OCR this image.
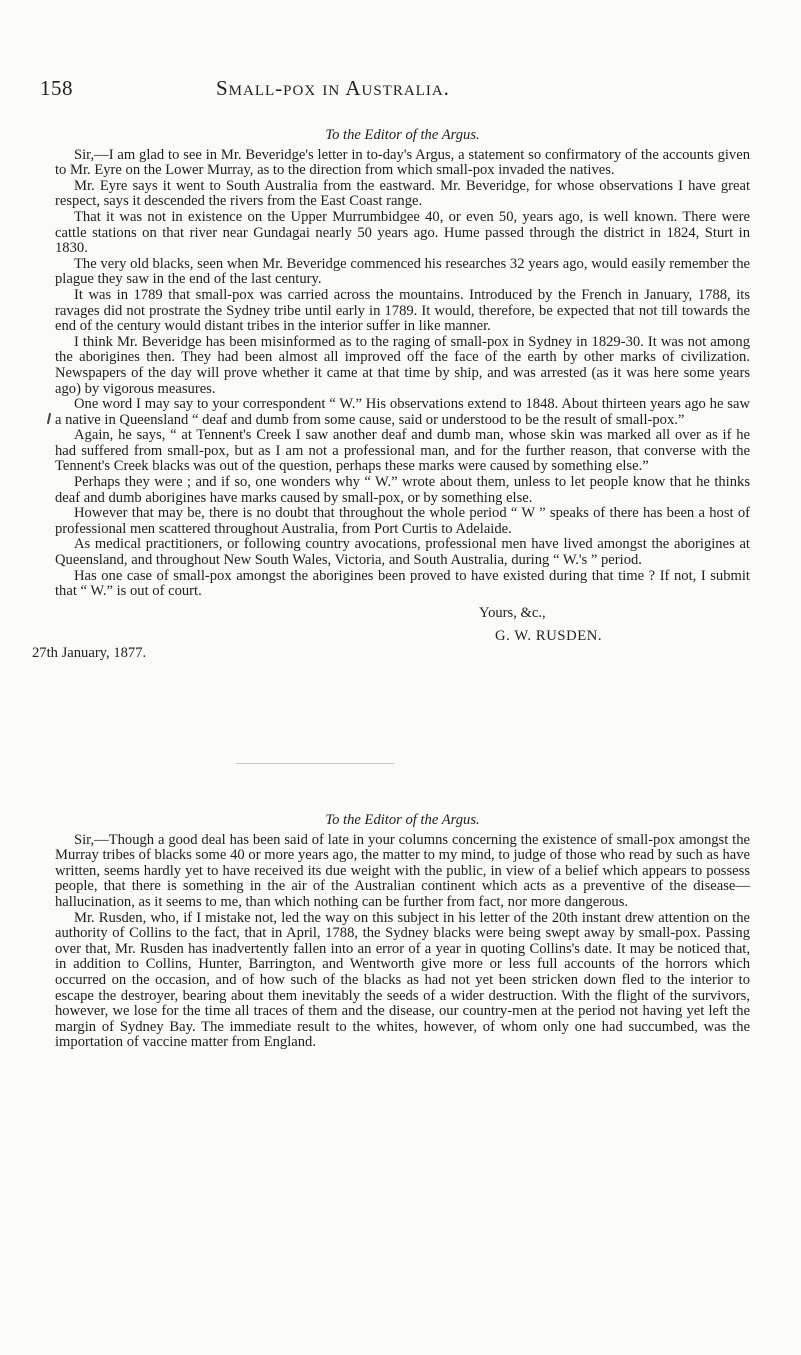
158	Small-pox in Australia.

To the Editor of the Argus.

Sir,—I am glad to see in Mr. Beveridge's letter in to-day's Argus, a statement so confirmatory of the accounts given to Mr. Eyre on the Lower Murray, as to the direction from which small-pox invaded the natives.

Mr. Eyre says it went to South Australia from the eastward. Mr. Beveridge, for whose observations I have great respect, says it descended the rivers from the East Coast range.

That it was not in existence on the Upper Murrumbidgee 40, or even 50, years ago, is well known. There were cattle stations on that river near Gundagai nearly 50 years ago. Hume passed through the district in 1824, Sturt in 1830.

The very old blacks, seen when Mr. Beveridge commenced his researches 32 years ago, would easily remember the plague they saw in the end of the last century.

It was in 1789 that small-pox was carried across the mountains. Introduced by the French in January, 1788, its ravages did not prostrate the Sydney tribe until early in 1789. It would, therefore, be expected that not till towards the end of the century would distant tribes in the interior suffer in like manner.

I think Mr. Beveridge has been misinformed as to the raging of small-pox in Sydney in 1829-30. It was not among the aborigines then. They had been almost all improved off the face of the earth by other marks of civilization. Newspapers of the day will prove whether it came at that time by ship, and was arrested (as it was here some years ago) by vigorous measures.

One word I may say to your correspondent “ W.” His observations extend to 1848. About thirteen years ago he saw a native in Queensland “ deaf and dumb from some cause, said or understood to be the result of small-pox.”

Again, he says, “ at Tennent's Creek I saw another deaf and dumb man, whose skin was marked all over as if he had suffered from small-pox, but as I am not a professional man, and for the further reason, that converse with the Tennent's Creek blacks was out of the question, perhaps these marks were caused by something else.”

Perhaps they were ; and if so, one wonders why “ W.” wrote about them, unless to let people know that he thinks deaf and dumb aborigines have marks caused by small-pox, or by something else.

However that may be, there is no doubt that throughout the whole period “ W ” speaks of there has been a host of professional men scattered throughout Australia, from Port Curtis to Adelaide.

As medical practitioners, or following country avocations, professional men have lived amongst the aborigines at Queensland, and throughout New South Wales, Victoria, and South Australia, during “ W.'s ” period.

Has one case of small-pox amongst the aborigines been proved to have existed during that time ? If not, I submit that “ W.” is out of court.

Yours, &c.,
G. W. RUSDEN.
27th January, 1877.

To the Editor of the Argus.

Sir,—Though a good deal has been said of late in your columns concerning the existence of small-pox amongst the Murray tribes of blacks some 40 or more years ago, the matter to my mind, to judge of those who read by such as have written, seems hardly yet to have received its due weight with the public, in view of a belief which appears to possess people, that there is something in the air of the Australian continent which acts as a preventive of the disease—hallucination, as it seems to me, than which nothing can be further from fact, nor more dangerous.

Mr. Rusden, who, if I mistake not, led the way on this subject in his letter of the 20th instant drew attention on the authority of Collins to the fact, that in April, 1788, the Sydney blacks were being swept away by small-pox. Passing over that, Mr. Rusden has inadvertently fallen into an error of a year in quoting Collins's date. It may be noticed that, in addition to Collins, Hunter, Barrington, and Wentworth give more or less full accounts of the horrors which occurred on the occasion, and of how such of the blacks as had not yet been stricken down fled to the interior to escape the destroyer, bearing about them inevitably the seeds of a wider destruction. With the flight of the survivors, however, we lose for the time all traces of them and the disease, our country-men at the period not having yet left the margin of Sydney Bay. The immediate result to the whites, however, of whom only one had succumbed, was the importation of vaccine matter from England.
